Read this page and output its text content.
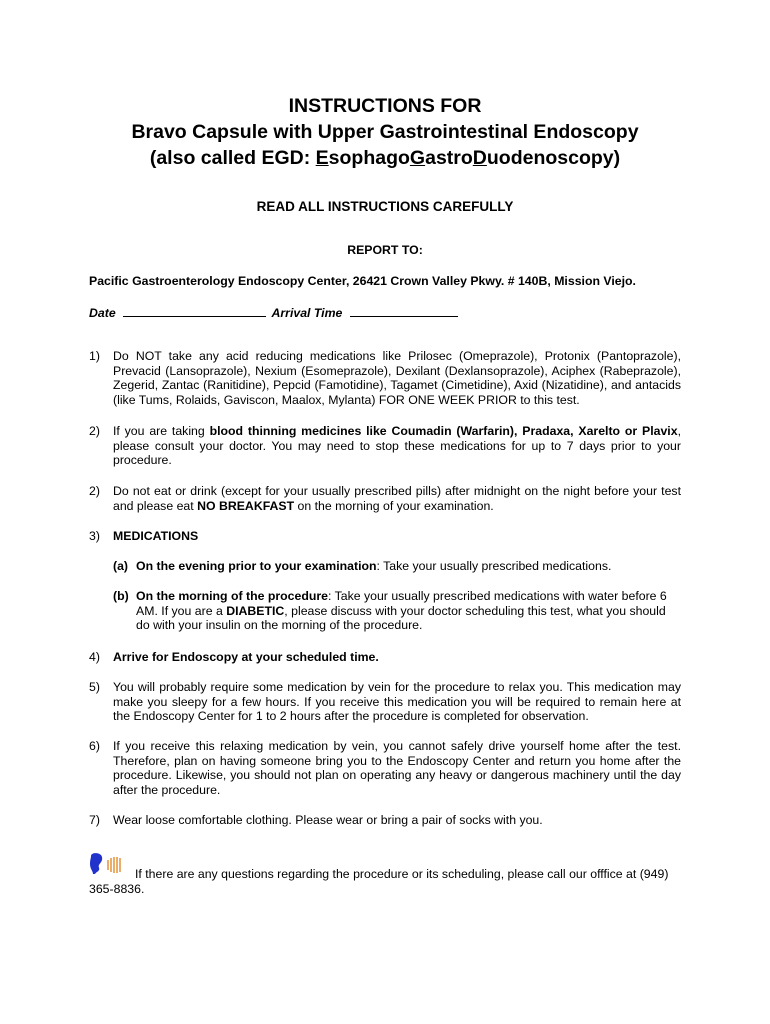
INSTRUCTIONS FOR
Bravo Capsule with Upper Gastrointestinal Endoscopy
(also called EGD: EsophagoGastroDuodenoscopy)
READ ALL INSTRUCTIONS CAREFULLY
REPORT TO:
Pacific Gastroenterology Endoscopy Center, 26421 Crown Valley Pkwy. # 140B, Mission Viejo.
Date	Arrival Time
1)	Do NOT take any acid reducing medications like Prilosec (Omeprazole), Protonix (Pantoprazole), Prevacid (Lansoprazole), Nexium (Esomeprazole), Dexilant (Dexlansoprazole), Aciphex (Rabeprazole), Zegerid, Zantac (Ranitidine), Pepcid (Famotidine), Tagamet (Cimetidine), Axid (Nizatidine), and antacids (like Tums, Rolaids, Gaviscon, Maalox, Mylanta) FOR ONE WEEK PRIOR to this test.
2)	If you are taking blood thinning medicines like Coumadin (Warfarin), Pradaxa, Xarelto or Plavix, please consult your doctor. You may need to stop these medications for up to 7 days prior to your procedure.
2)	Do not eat or drink (except for your usually prescribed pills) after midnight on the night before your test and please eat NO BREAKFAST on the morning of your examination.
3)	MEDICATIONS
(a) On the evening prior to your examination: Take your usually prescribed medications.
(b) On the morning of the procedure: Take your usually prescribed medications with water before 6 AM. If you are a DIABETIC, please discuss with your doctor scheduling this test, what you should do with your insulin on the morning of the procedure.
4)	Arrive for Endoscopy at your scheduled time.
5)	You will probably require some medication by vein for the procedure to relax you. This medication may make you sleepy for a few hours. If you receive this medication you will be required to remain here at the Endoscopy Center for 1 to 2 hours after the procedure is completed for observation.
6)	If you receive this relaxing medication by vein, you cannot safely drive yourself home after the test. Therefore, plan on having someone bring you to the Endoscopy Center and return you home after the procedure. Likewise, you should not plan on operating any heavy or dangerous machinery until the day after the procedure.
7)	Wear loose comfortable clothing. Please wear or bring a pair of socks with you.
If there are any questions regarding the procedure or its scheduling, please call our offfice at (949) 365-8836.
